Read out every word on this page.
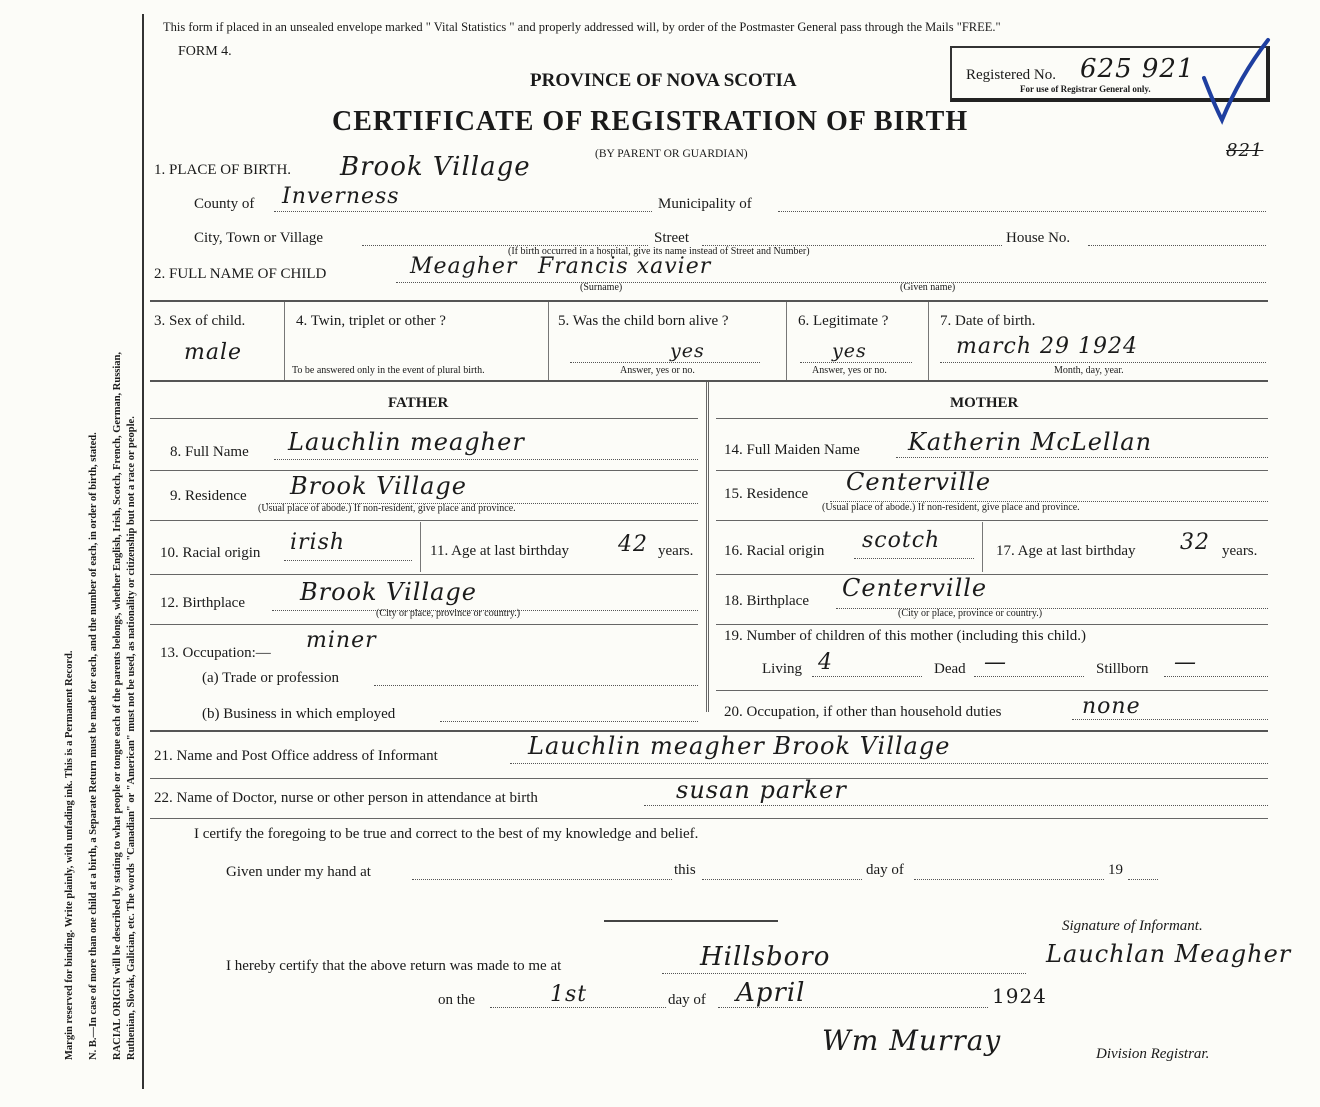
Margin reserved for binding. Write plainly, with unfading ink. This is a Permanent Record. N. B.—In case of more than one child at a birth, a Separate Return must be made for each, and the number of each, in order of birth, stated. RACIAL ORIGIN will be described by stating to what people or tongue each of the parents belongs, whether English, Irish, Scotch, French, German, Russian, Ruthenian, Slovak, Galician, etc. The words "Canadian" or "American" must not be used, as nationality or citizenship but not a race or people.
This form if placed in an unsealed envelope marked " Vital Statistics " and properly addressed will, by order of the Postmaster General pass through the Mails "FREE."
FORM 4.
PROVINCE OF NOVA SCOTIA
CERTIFICATE OF REGISTRATION OF BIRTH
(BY PARENT OR GUARDIAN)
Registered No. 625 921
For use of Registrar General only.
821
1. PLACE OF BIRTH. Brook Village
County of Inverness	Municipality of
City, Town or Village	Street	House No.
(If birth occurred in a hospital, give its name instead of Street and Number)
2. FULL NAME OF CHILD	Meagher Francis xavier
(Surname)	(Given name)
3. Sex of child.
male
4. Twin, triplet or other ?
To be answered only in the event of plural birth.
5. Was the child born alive ?
yes
Answer, yes or no.
6. Legitimate ?
yes
Answer, yes or no.
7. Date of birth.
march 29 1924
Month, day, year.
FATHER	MOTHER
8. Full Name Lauchlin meagher
9. Residence Brook Village
(Usual place of abode.) If non-resident, give place and province.
10. Racial origin irish	11. Age at last birthday 42 years.
12. Birthplace Brook Village
(City or place, province or country.)
13. Occupation:— miner
(a) Trade or profession
(b) Business in which employed
14. Full Maiden Name Katherin McLellan
15. Residence Centerville
(Usual place of abode.) If non-resident, give place and province.
16. Racial origin scotch	17. Age at last birthday 32 years.
18. Birthplace Centerville
(City or place, province or country.)
19. Number of children of this mother (including this child.)
Living 4	Dead —	Stillborn —
20. Occupation, if other than household duties	none
21. Name and Post Office address of Informant	Lauchlin meagher Brook Village
22. Name of Doctor, nurse or other person in attendance at birth	susan parker
I certify the foregoing to be true and correct to the best of my knowledge and belief.
Given under my hand at	this	day of	19
Signature of Informant.
I hereby certify that the above return was made to me at	Hillsboro	Lauchlan Meagher
on the	1st	day of April	1924
Wm Murray	Division Registrar.
